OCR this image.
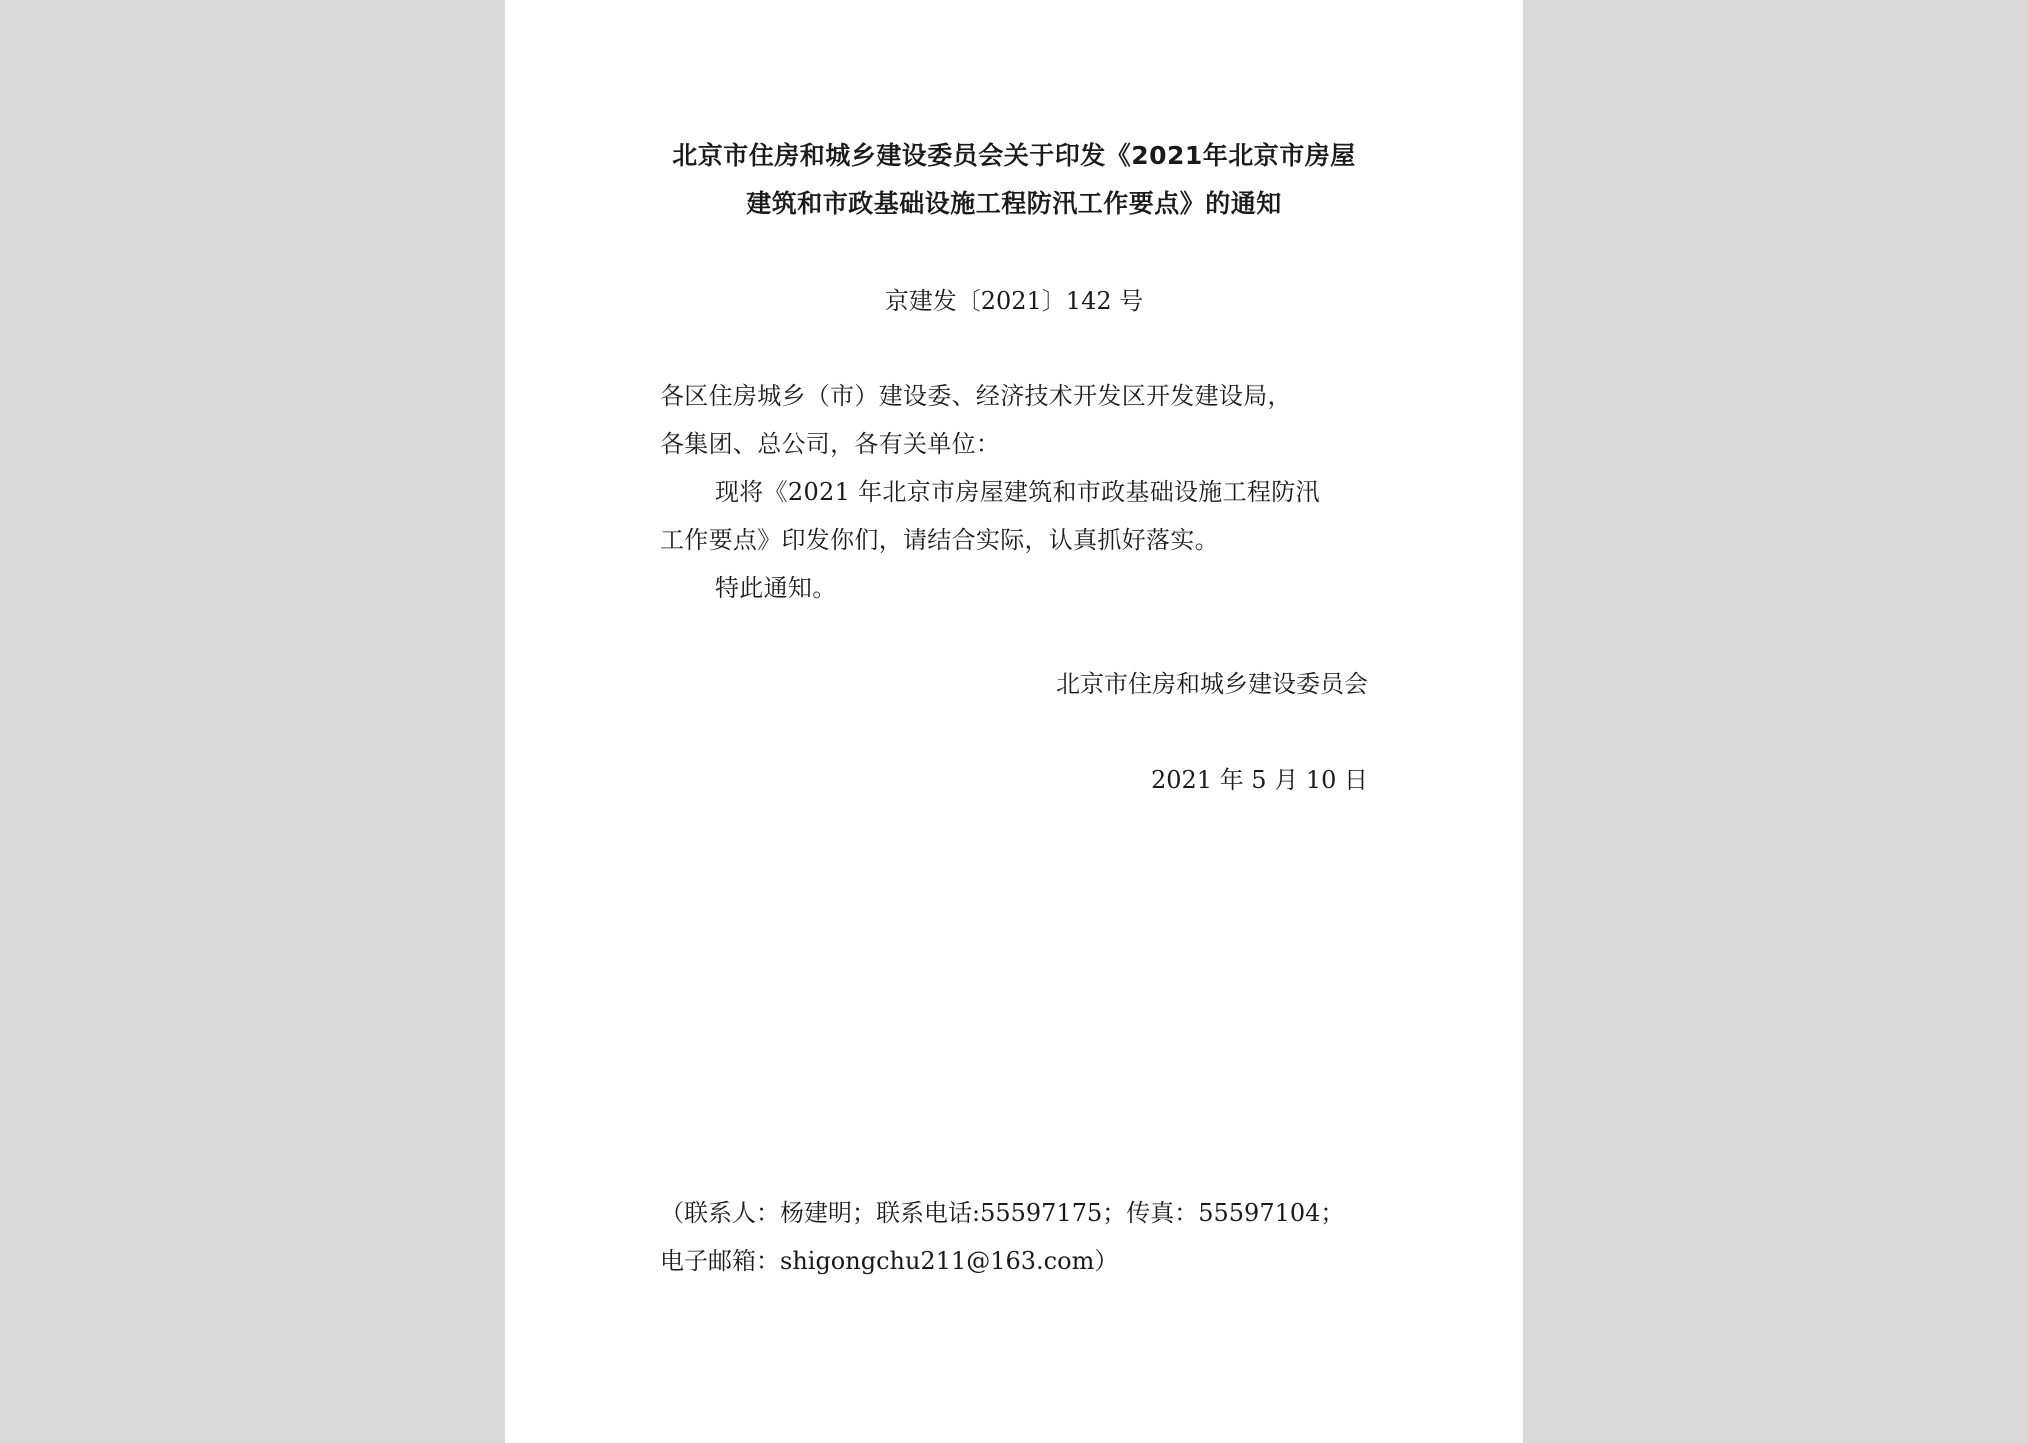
北京市住房和城乡建设委员会关于印发《2021年北京市房屋
建筑和市政基础设施工程防汛工作要点》的通知
京建发〔2021〕142 号
各区住房城乡（市）建设委、经济技术开发区开发建设局，
各集团、总公司，各有关单位：
现将《2021 年北京市房屋建筑和市政基础设施工程防汛
工作要点》印发你们，请结合实际，认真抓好落实。
特此通知。
北京市住房和城乡建设委员会
2021 年 5 月 10 日
（联系人：杨建明；联系电话:55597175；传真：55597104；
电子邮箱：shigongchu211@163.com）
